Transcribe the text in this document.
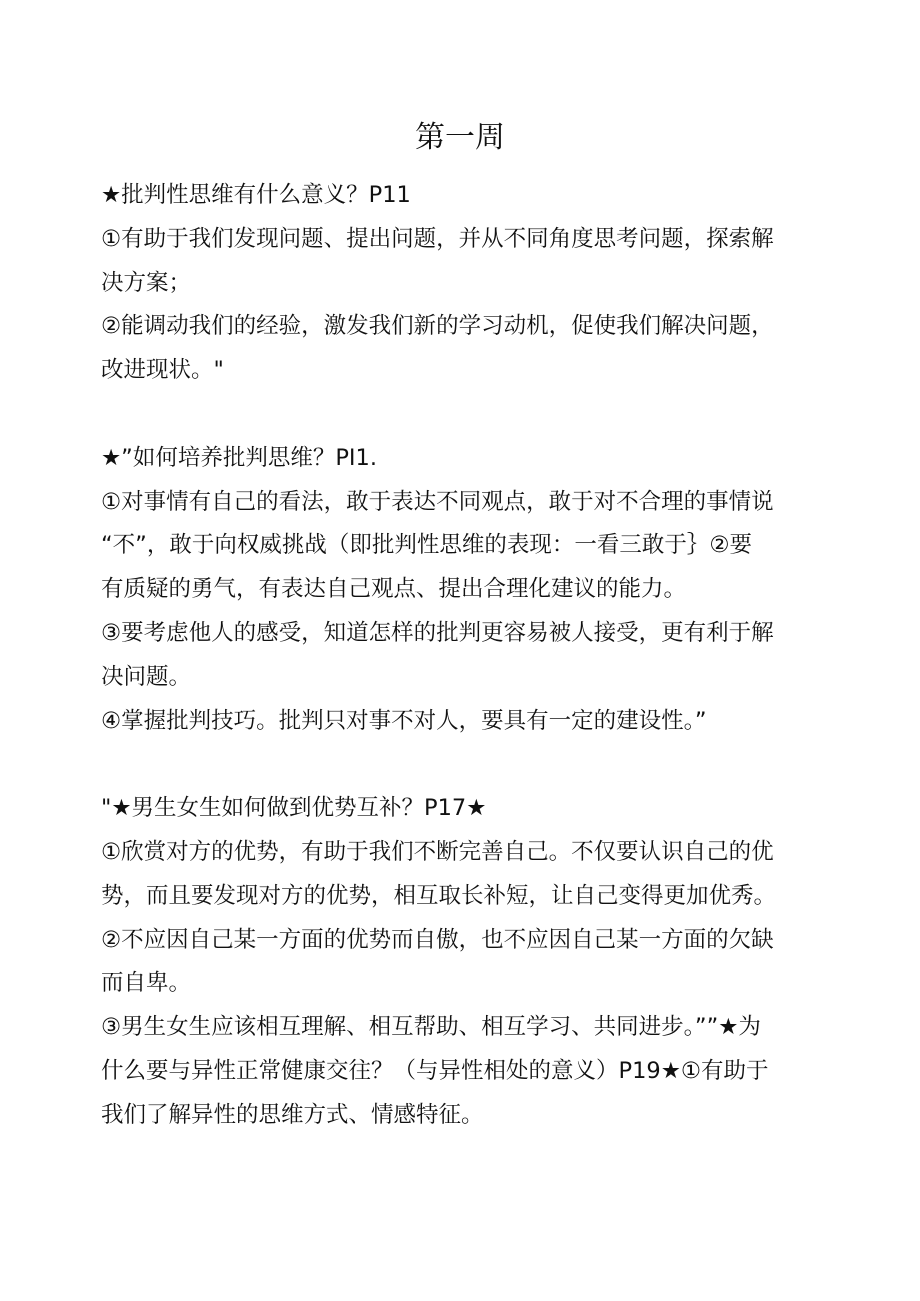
第一周
★批判性思维有什么意义？P11
①有助于我们发现问题、提出问题，并从不同角度思考问题，探索解
决方案；
②能调动我们的经验，激发我们新的学习动机，促使我们解决问题，
改进现状。"
★”如何培养批判思维？PI1.
①对事情有自己的看法，敢于表达不同观点，敢于对不合理的事情说
“不”，敢于向权威挑战（即批判性思维的表现：一看三敢于｝②要
有质疑的勇气，有表达自己观点、提出合理化建议的能力。
③要考虑他人的感受，知道怎样的批判更容易被人接受，更有利于解
决问题。
④掌握批判技巧。批判只对事不对人，要具有一定的建设性。”
"★男生女生如何做到优势互补？P17★
①欣赏对方的优势，有助于我们不断完善自己。不仅要认识自己的优
势，而且要发现对方的优势，相互取长补短，让自己变得更加优秀。
②不应因自己某一方面的优势而自傲，也不应因自己某一方面的欠缺
而自卑。
③男生女生应该相互理解、相互帮助、相互学习、共同进步。””★为
什么要与异性正常健康交往？（与异性相处的意义）P19★①有助于
我们了解异性的思维方式、情感特征。
